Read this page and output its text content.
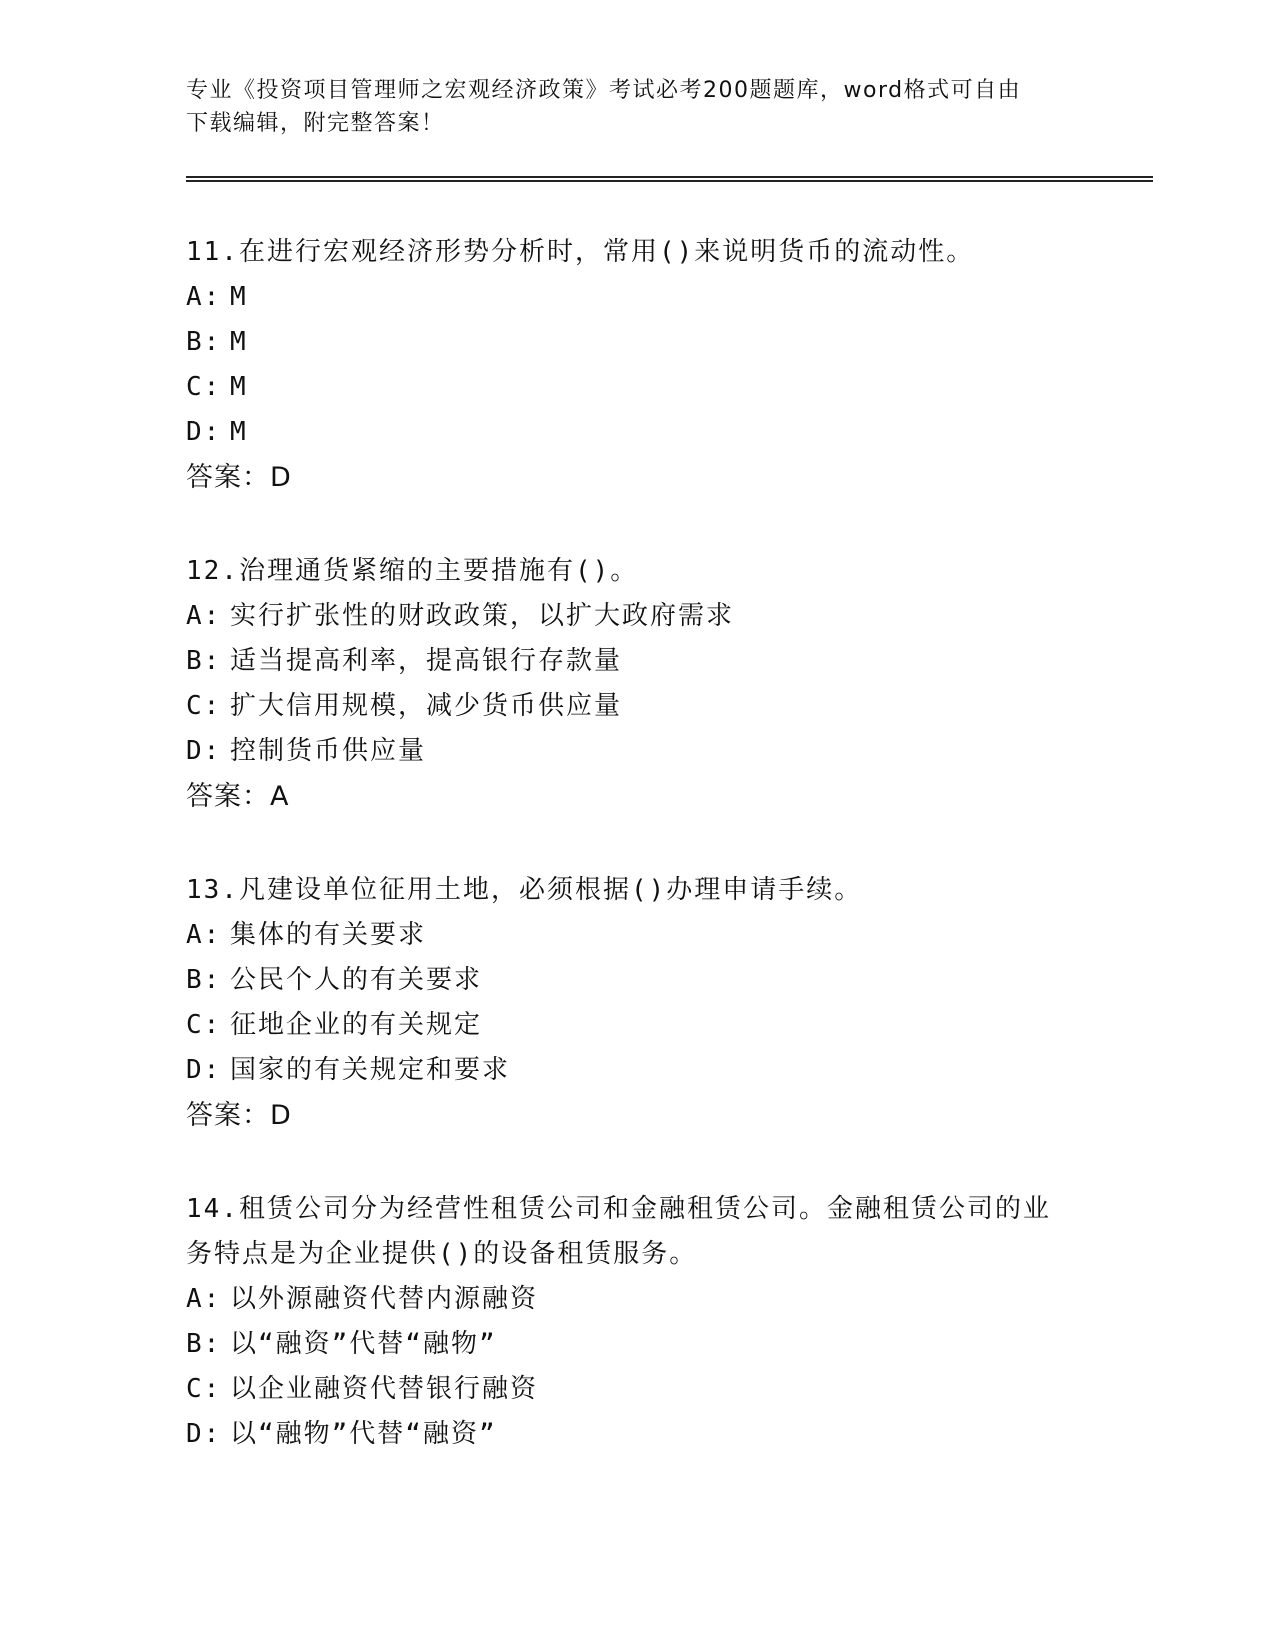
专业《投资项目管理师之宏观经济政策》考试必考200题题库，word格式可自由
下载编辑，附完整答案！
11.在进行宏观经济形势分析时，常用()来说明货币的流动性。
A: M
B: M
C: M
D: M
答案：D
12.治理通货紧缩的主要措施有()。
A: 实行扩张性的财政政策，以扩大政府需求
B: 适当提高利率，提高银行存款量
C: 扩大信用规模，减少货币供应量
D: 控制货币供应量
答案：A
13.凡建设单位征用土地，必须根据()办理申请手续。
A: 集体的有关要求
B: 公民个人的有关要求
C: 征地企业的有关规定
D: 国家的有关规定和要求
答案：D
14.租赁公司分为经营性租赁公司和金融租赁公司。金融租赁公司的业
务特点是为企业提供()的设备租赁服务。
A: 以外源融资代替内源融资
B: 以“融资”代替“融物”
C: 以企业融资代替银行融资
D: 以“融物”代替“融资”
